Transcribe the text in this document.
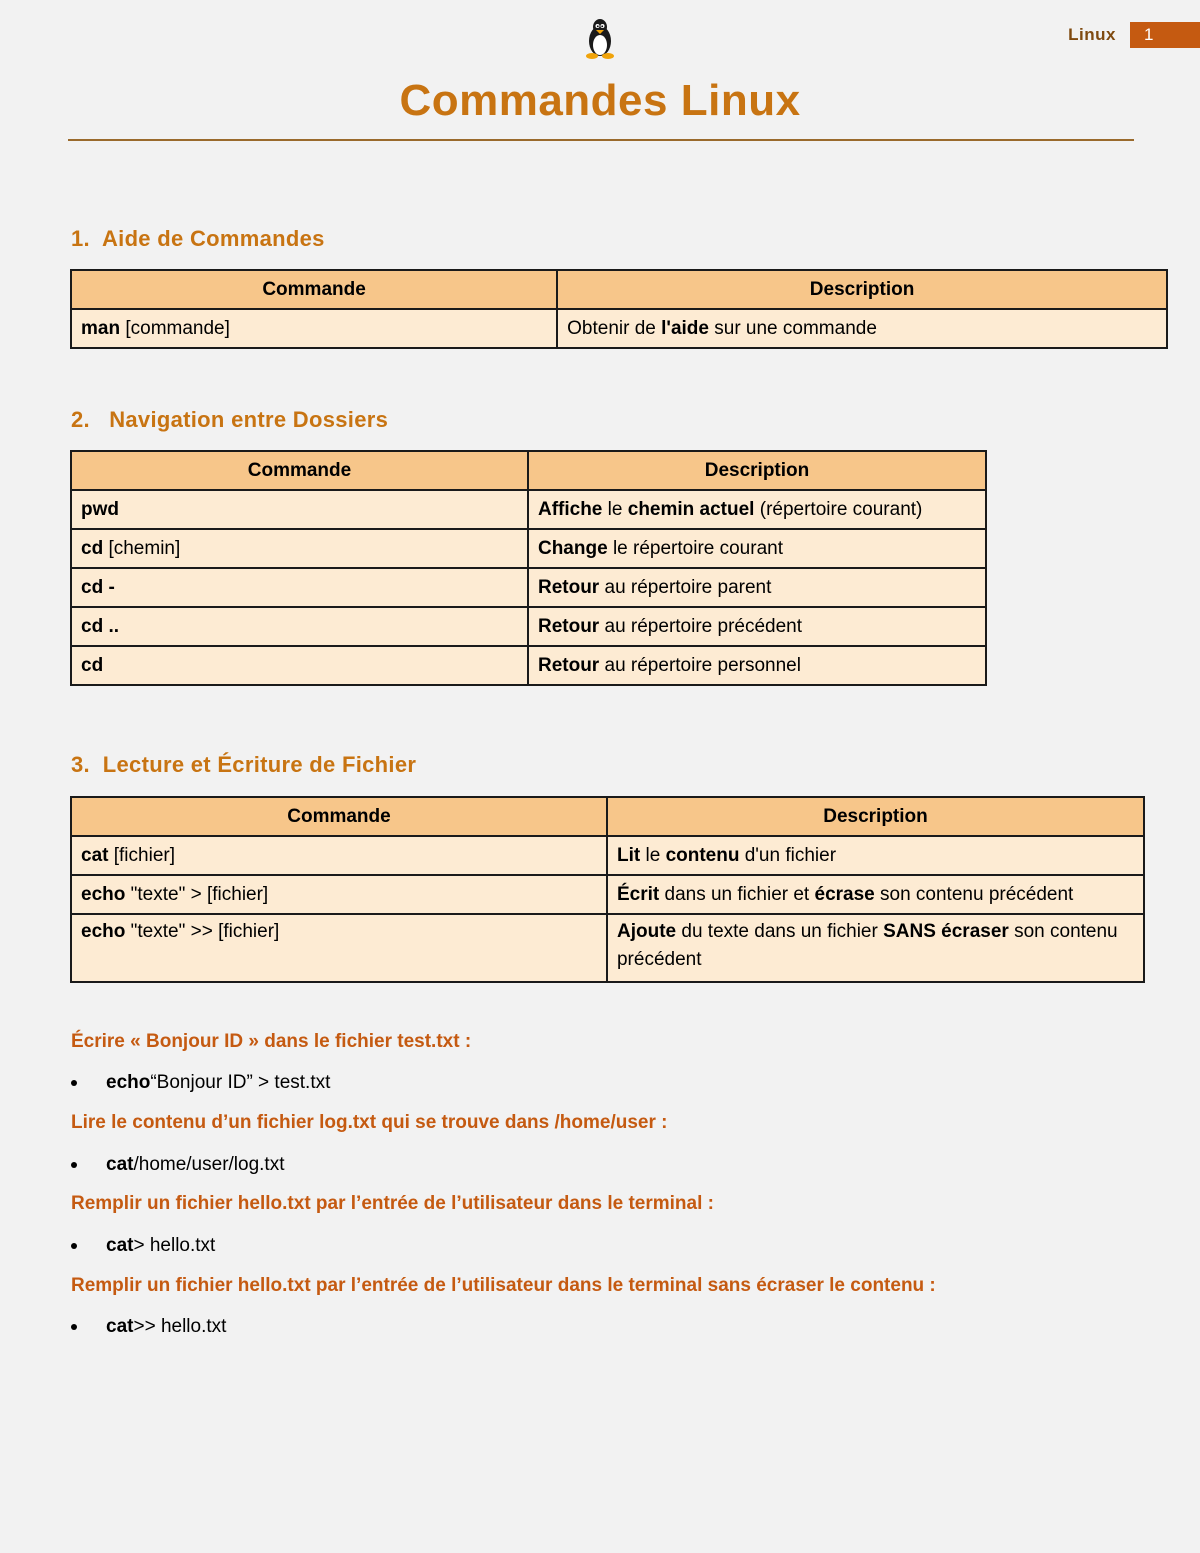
Linux	1
Commandes Linux
1. Aide de Commandes
Commande	Description
man [commande]	Obtenir de l'aide sur une commande
2. Navigation entre Dossiers
Commande	Description
pwd	Affiche le chemin actuel (répertoire courant)
cd [chemin]	Change le répertoire courant
cd -	Retour au répertoire parent
cd ..	Retour au répertoire précédent
cd	Retour au répertoire personnel
3. Lecture et Écriture de Fichier
Commande	Description
cat [fichier]	Lit le contenu d'un fichier
echo "texte" > [fichier]	Écrit dans un fichier et écrase son contenu précédent
echo "texte" >> [fichier]	Ajoute du texte dans un fichier SANS écraser son contenu précédent
Écrire « Bonjour ID » dans le fichier test.txt :
echo “Bonjour ID” > test.txt
Lire le contenu d’un fichier log.txt qui se trouve dans /home/user :
cat /home/user/log.txt
Remplir un fichier hello.txt par l’entrée de l’utilisateur dans le terminal :
cat > hello.txt
Remplir un fichier hello.txt par l’entrée de l’utilisateur dans le terminal sans écraser le contenu :
cat >> hello.txt
